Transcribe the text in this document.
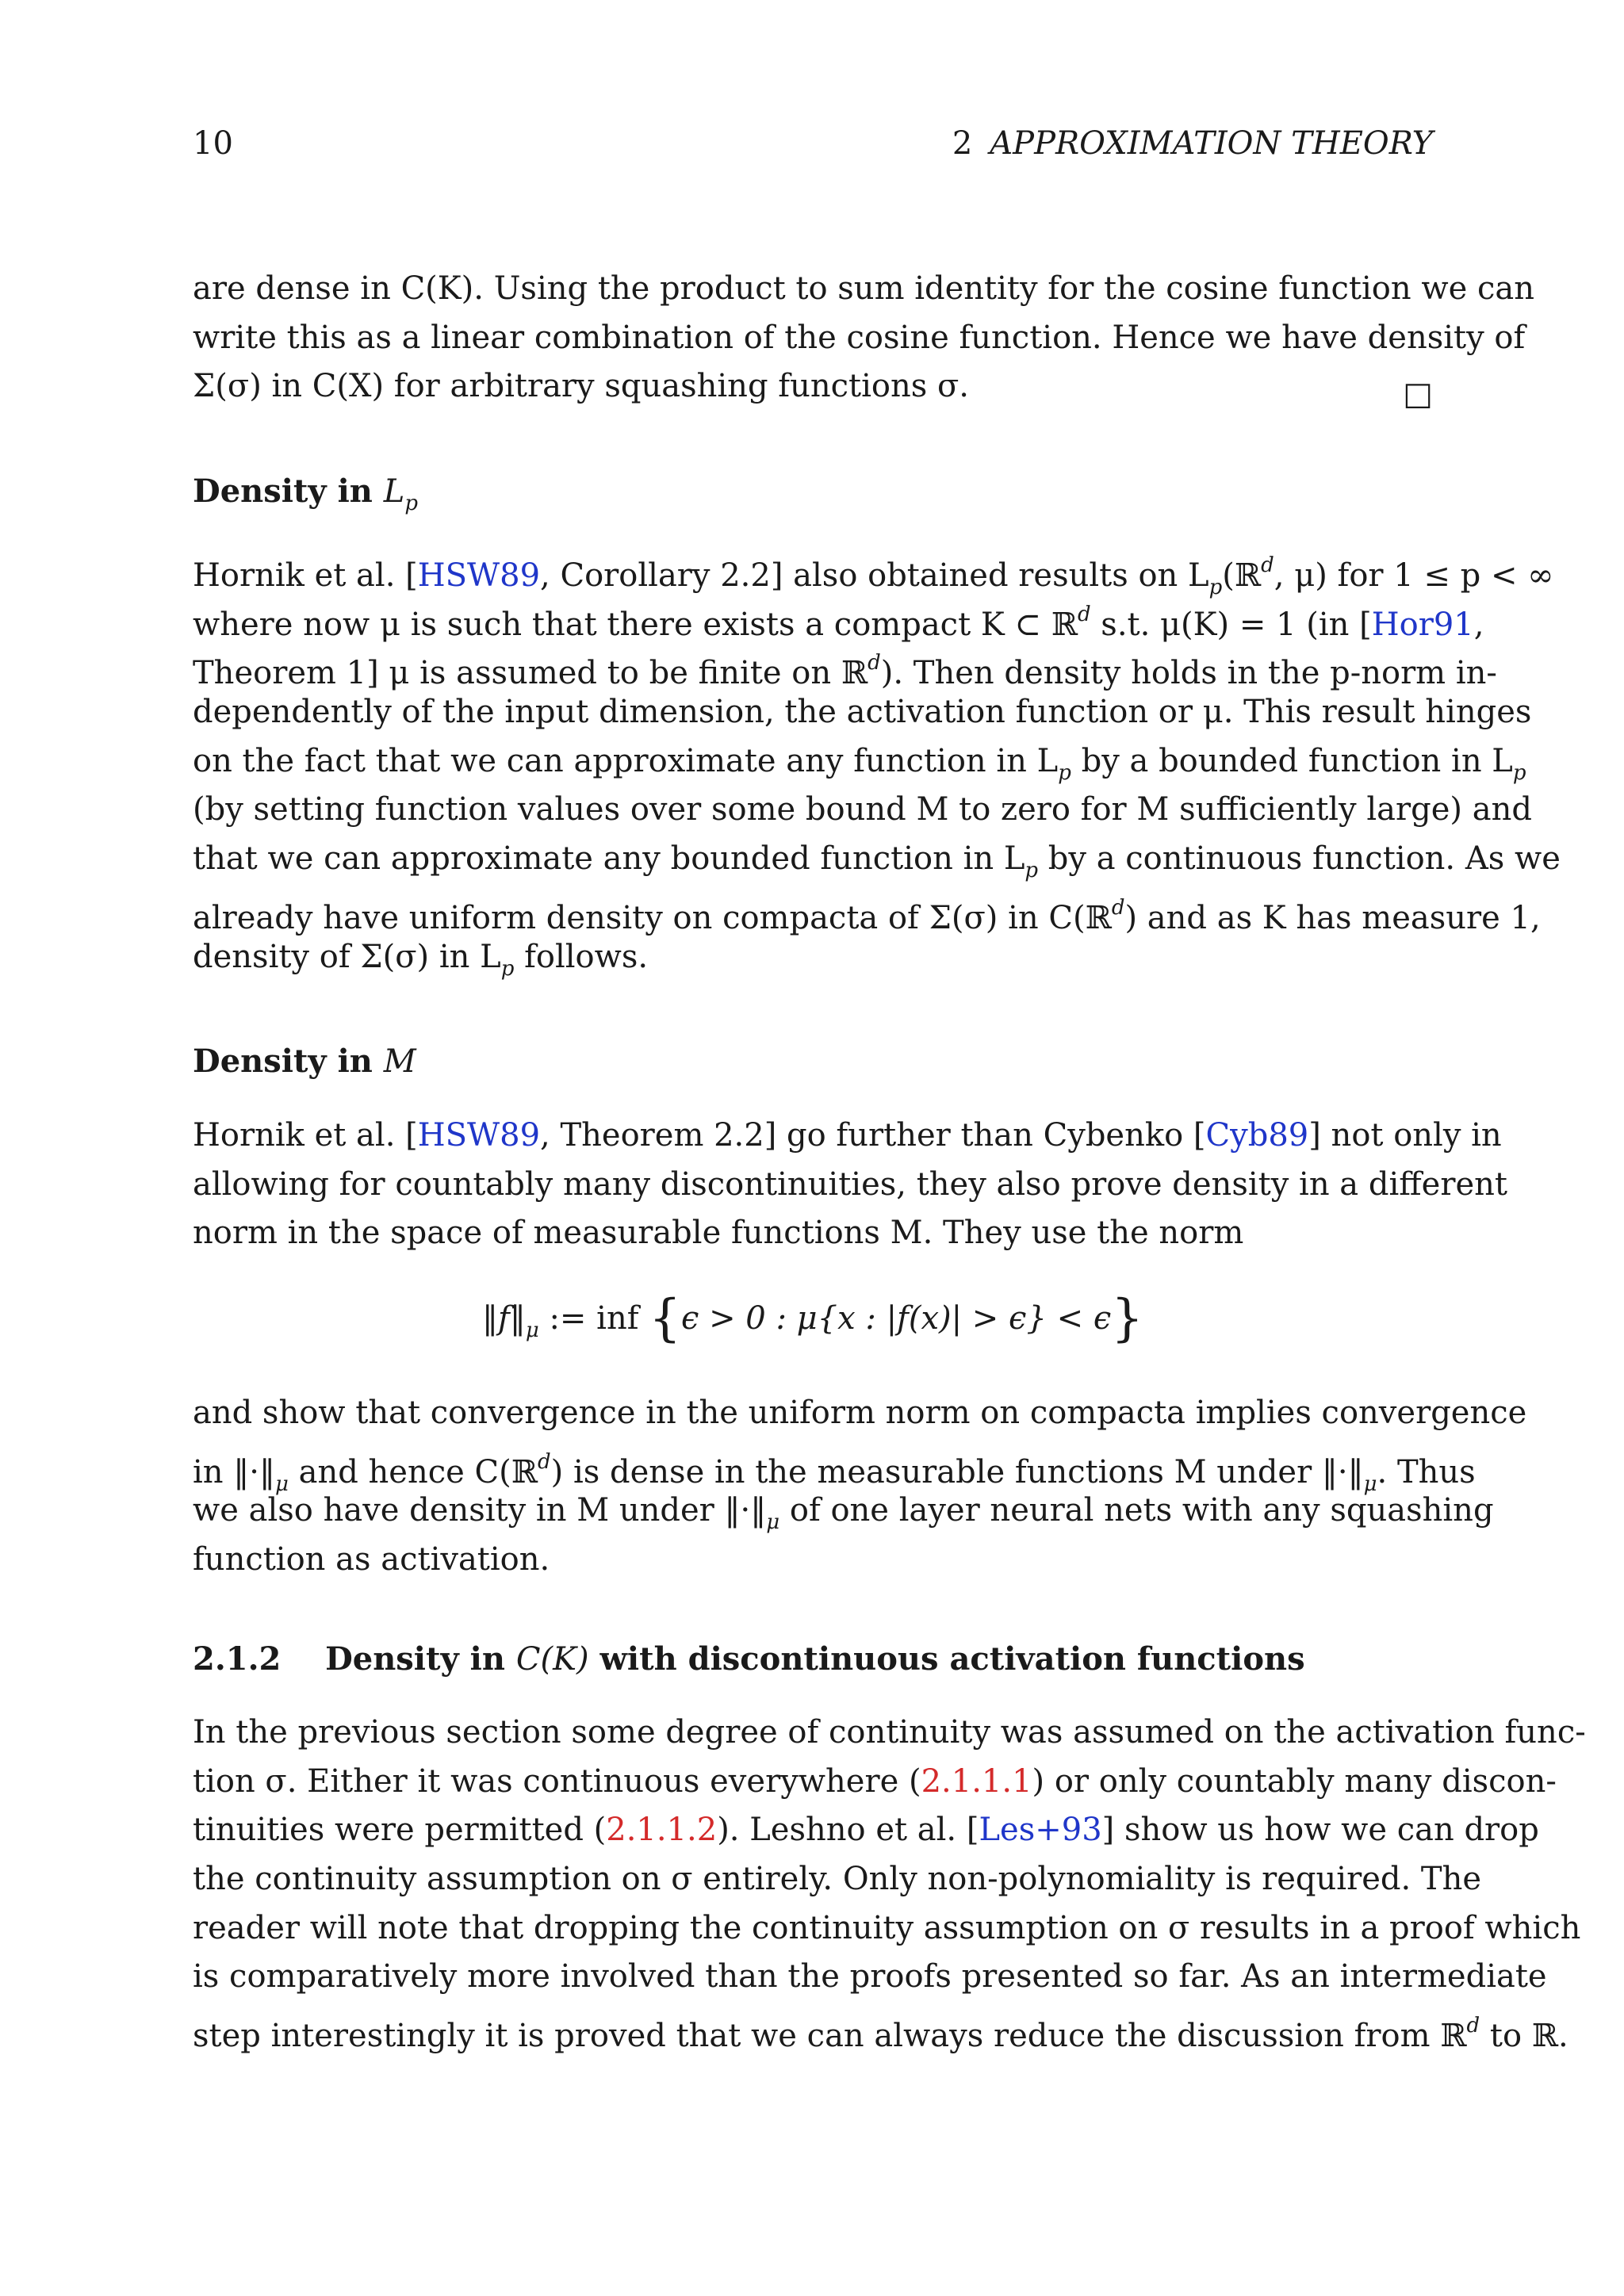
10	2 APPROXIMATION THEORY
are dense in C(K). Using the product to sum identity for the cosine function we can
write this as a linear combination of the cosine function. Hence we have density of
Σ(σ) in C(X) for arbitrary squashing functions σ.	□
Density in $L_p$
Hornik et al. [HSW89, Corollary 2.2] also obtained results on $L_p(ℝ^d$, μ) for 1 ≤ p < ∞
where now μ is such that there exists a compact K ⊂ ℝ$^d$ s.t. μ(K) = 1 (in [Hor91,
Theorem 1] μ is assumed to be finite on ℝ$^d$). Then density holds in the p-norm in-
dependently of the input dimension, the activation function or μ. This result hinges
on the fact that we can approximate any function in $L_p$ by a bounded function in $L_p$
(by setting function values over some bound M to zero for M sufficiently large) and
that we can approximate any bounded function in $L_p$ by a continuous function. As we
already have uniform density on compacta of Σ(σ) in C(ℝ$^d$) and as K has measure 1,
density of Σ(σ) in $L_p$ follows.
Density in M
Hornik et al. [HSW89, Theorem 2.2] go further than Cybenko [Cyb89] not only in
allowing for countably many discontinuities, they also prove density in a different
norm in the space of measurable functions M. They use the norm
$‖f‖_\mu$ := inf {ϵ > 0 : μ{x : |f(x)| > ϵ} < ϵ}
and show that convergence in the uniform norm on compacta implies convergence
in $‖\cdot‖_\mu$ and hence C(ℝ$^d$) is dense in the measurable functions M under $‖\cdot‖_\mu$. Thus
we also have density in M under $‖\cdot‖_\mu$ of one layer neural nets with any squashing
function as activation.
2.1.2 Density in C(K) with discontinuous activation functions
In the previous section some degree of continuity was assumed on the activation func-
tion σ. Either it was continuous everywhere (2.1.1.1) or only countably many discon-
tinuities were permitted (2.1.1.2). Leshno et al. [Les+93] show us how we can drop
the continuity assumption on σ entirely. Only non-polynomiality is required. The
reader will note that dropping the continuity assumption on σ results in a proof which
is comparatively more involved than the proofs presented so far. As an intermediate
step interestingly it is proved that we can always reduce the discussion from ℝ$^d$ to ℝ.
